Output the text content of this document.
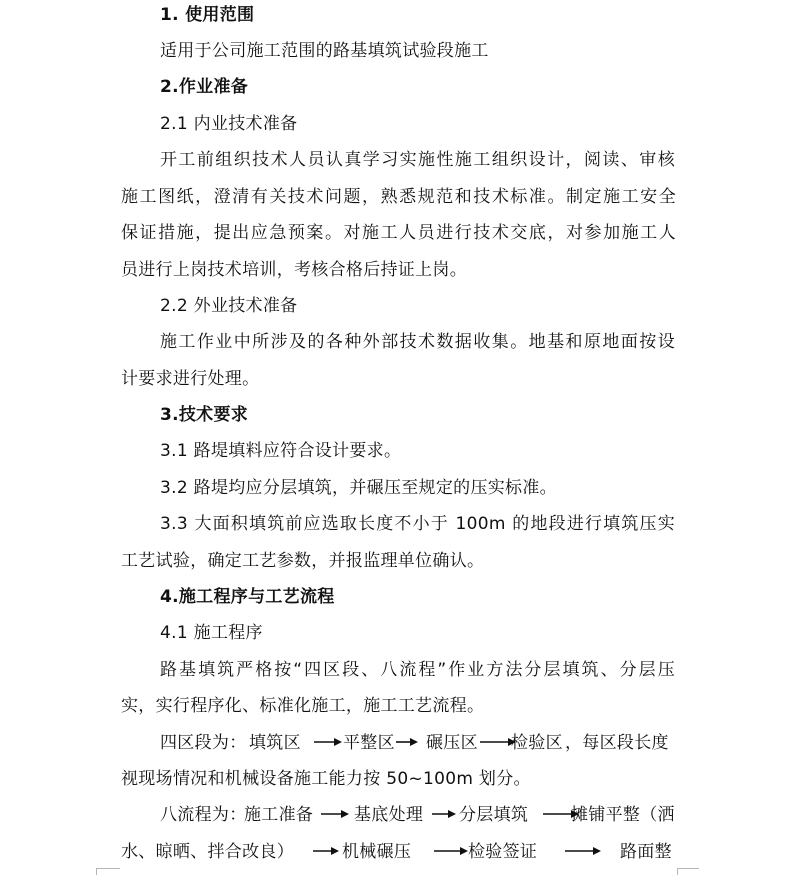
1. 使用范围
适用于公司施工范围的路基填筑试验段施工
2.作业准备
2.1 内业技术准备
开工前组织技术人员认真学习实施性施工组织设计，阅读、审核
施工图纸，澄清有关技术问题，熟悉规范和技术标准。制定施工安全
保证措施，提出应急预案。对施工人员进行技术交底，对参加施工人
员进行上岗技术培训，考核合格后持证上岗。
2.2 外业技术准备
施工作业中所涉及的各种外部技术数据收集。地基和原地面按设
计要求进行处理。
3.技术要求
3.1 路堤填料应符合设计要求。
3.2 路堤均应分层填筑，并碾压至规定的压实标准。
3.3 大面积填筑前应选取长度不小于 100m 的地段进行填筑压实
工艺试验，确定工艺参数，并报监理单位确认。
4.施工程序与工艺流程
4.1 施工程序
路基填筑严格按“四区段、八流程”作业方法分层填筑、分层压
实，实行程序化、标准化施工，施工工艺流程。
四区段为： 填筑区 平整区 碾压区 检验区 ，每区段长度
视现场情况和机械设备施工能力按 50~100m 划分。
八流程为：
施工准备 基底处理 分层填筑	摊铺平整（洒
水、晾晒、拌合改良）	机械碾压	检验签证	路面整
